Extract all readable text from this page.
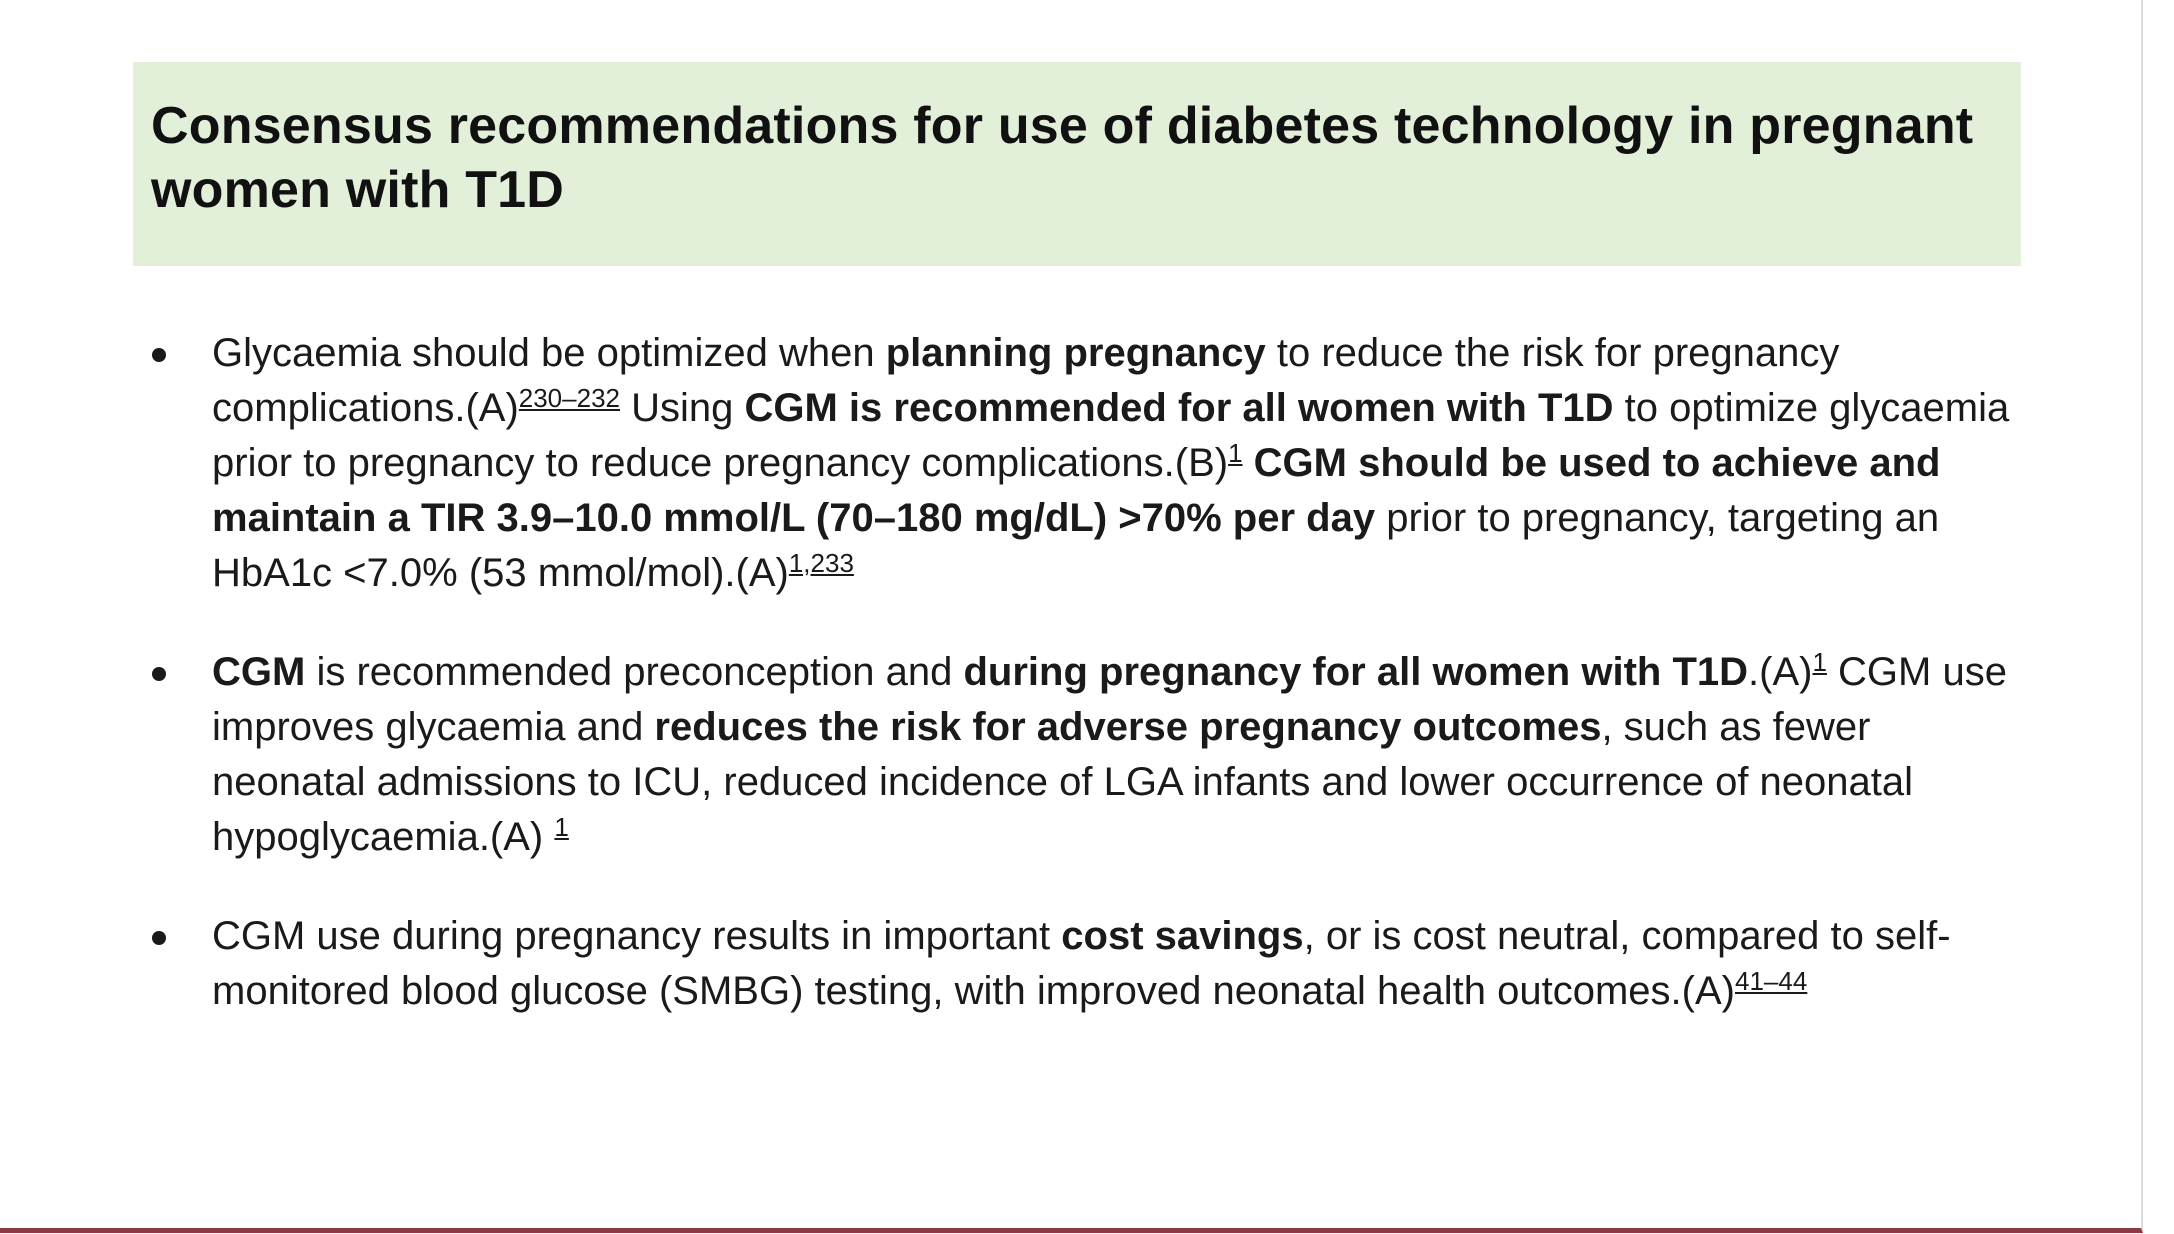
Consensus recommendations for use of diabetes technology in pregnant women with T1D
Glycaemia should be optimized when planning pregnancy to reduce the risk for pregnancy $complications.(A)^{230-232}$ Using CGM is recommended for all women with T1D to optimize glycaemia prior to pregnancy to reduce pregnancy $complications.(B)^1$ CGM should be used to achieve and maintain a TIR 3.9–10.0 mmol/L (70–180 mg/dL) >70% per day prior to pregnancy, targeting an HbA1c <7.0% (53 mmol/$mol).(A)^{1,233}$
CGM is recommended preconception and during pregnancy for all women with $T1D.(A)^1$ CGM use improves glycaemia and reduces the risk for adverse pregnancy outcomes, such as fewer neonatal admissions to ICU, reduced incidence of LGA infants and lower occurrence of neonatal hypoglycaemia.(A) $^1$
CGM use during pregnancy results in important cost savings, or is cost neutral, compared to self-monitored blood glucose (SMBG) testing, with improved neonatal health $outcomes.(A)^{41-44}$
